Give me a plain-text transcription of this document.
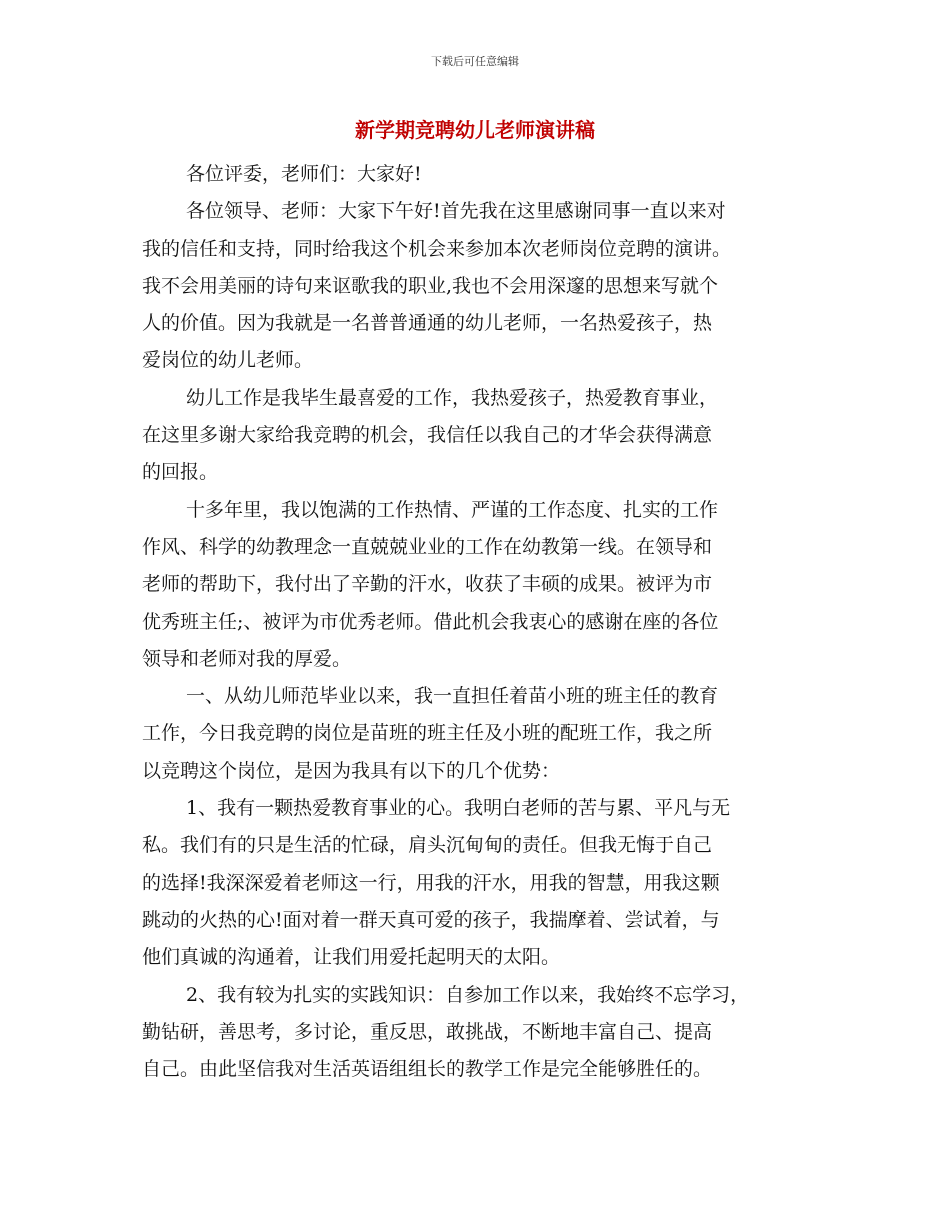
下载后可任意编辑
新学期竞聘幼儿老师演讲稿
各位评委，老师们：大家好!
各位领导、老师：大家下午好!首先我在这里感谢同事一直以来对
我的信任和支持，同时给我这个机会来参加本次老师岗位竞聘的演讲。
我不会用美丽的诗句来讴歌我的职业,我也不会用深邃的思想来写就个
人的价值。因为我就是一名普普通通的幼儿老师，一名热爱孩子，热
爱岗位的幼儿老师。
幼儿工作是我毕生最喜爱的工作，我热爱孩子，热爱教育事业，
在这里多谢大家给我竞聘的机会，我信任以我自己的才华会获得满意
的回报。
十多年里，我以饱满的工作热情、严谨的工作态度、扎实的工作
作风、科学的幼教理念一直兢兢业业的工作在幼教第一线。在领导和
老师的帮助下，我付出了辛勤的汗水，收获了丰硕的成果。被评为市
优秀班主任;、被评为市优秀老师。借此机会我衷心的感谢在座的各位
领导和老师对我的厚爱。
一、从幼儿师范毕业以来，我一直担任着苗小班的班主任的教育
工作，今日我竞聘的岗位是苗班的班主任及小班的配班工作，我之所
以竞聘这个岗位，是因为我具有以下的几个优势：
1、我有一颗热爱教育事业的心。我明白老师的苦与累、平凡与无
私。我们有的只是生活的忙碌，肩头沉甸甸的责任。但我无悔于自己
的选择!我深深爱着老师这一行，用我的汗水，用我的智慧，用我这颗
跳动的火热的心!面对着一群天真可爱的孩子，我揣摩着、尝试着，与
他们真诚的沟通着，让我们用爱托起明天的太阳。
2、我有较为扎实的实践知识：自参加工作以来，我始终不忘学习，
勤钻研，善思考，多讨论，重反思，敢挑战，不断地丰富自己、提高
自己。由此坚信我对生活英语组组长的教学工作是完全能够胜任的。
